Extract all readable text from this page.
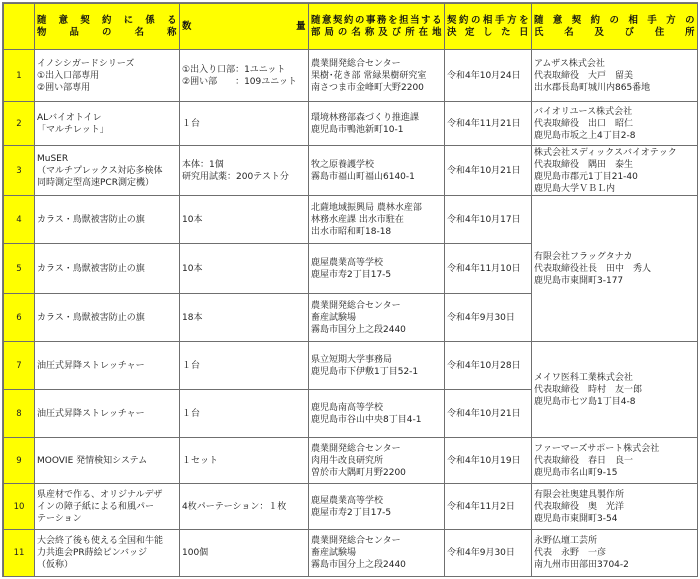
	随意契約に係る
物品の名称	数 量	随意契約の事務を担当する
部局の名称及び所在地	契約の相手方を
決定した日	随意契約の相手方の
氏名及び住所

1	イノシシガードシリーズ
①出入口部専用
②囲い部専用	①出入り口部：1ユニット
②囲い部　　：109ユニット	農業開発総合センター
果樹･花き部 常緑果樹研究室
南さつま市金峰町大野2200	令和4年10月24日	アムザス株式会社
代表取締役　大戸　留美
出水郡長島町城川内865番地

2	ALバイオトイレ
「マルチレット」	１台	環境林務部森づくり推進課
鹿児島市鴨池新町10-1	令和4年11月21日	バイオリユース株式会社
代表取締役　出口　昭仁
鹿児島市坂之上4丁目2-8

3	MuSER
（マルチプレックス対応多検体
同時測定型高速PCR測定機）	本体：1個
研究用試薬：200テスト分	牧之原養護学校
霧島市福山町福山6140-1	令和4年10月21日	株式会社スディックスバイオテック
代表取締役　隅田　泰生
鹿児島市郡元1丁目21-40
鹿児島大学ＶＢＬ内

4	カラス・鳥獣被害防止の旗	10本	北薩地域振興局 農林水産部
林務水産課 出水市駐在
出水市昭和町18-18	令和4年10月17日	有限会社フラッグタナカ
代表取締役社長　田中　秀人
鹿児島市東開町3-177

5	カラス・鳥獣被害防止の旗	10本	鹿屋農業高等学校
鹿屋市寿2丁目17-5	令和4年11月10日	
6	カラス・鳥獣被害防止の旗	18本	農業開発総合センター
畜産試験場
霧島市国分上之段2440	令和4年9月30日	
7	油圧式昇降ストレッチャー	１台	県立短期大学事務局
鹿児島市下伊敷1丁目52-1	令和4年10月28日	メイワ医科工業株式会社
代表取締役　時村　友一郎
鹿児島市七ツ島1丁目4-8

8	油圧式昇降ストレッチャー	１台	鹿児島南高等学校
鹿児島市谷山中央8丁目4-1	令和4年10月21日	
9	MOOVIE 発情検知システム	１セット	農業開発総合センター
肉用牛改良研究所
曽於市大隅町月野2200	令和4年10月19日	ファーマーズサポート株式会社
代表取締役　春日　良一
鹿児島市名山町9-15

10	県産材で作る、オリジナルデザ
インの障子紙による和風パー
テーション	4枚パーテーション：１枚	鹿屋農業高等学校
鹿屋市寿2丁目17-5	令和4年11月2日	有限会社奥建具製作所
代表取締役　奥　光洋
鹿児島市東開町3-54

11	大会終了後も使える全国和牛能
力共進会PR蒔絵ピンバッジ
（仮称）	100個	農業開発総合センター
畜産試験場
霧島市国分上之段2440	令和4年9月30日	永野仏壇工芸所
代表　永野　一彦
南九州市田部田3704-2
